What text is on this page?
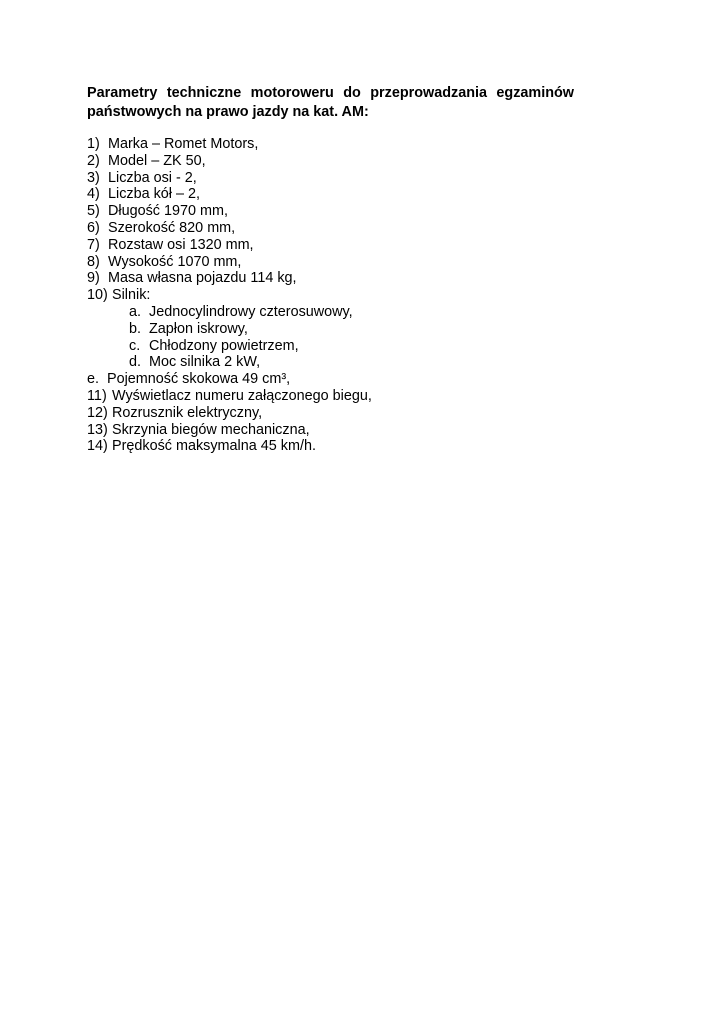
Parametry techniczne motoroweru do przeprowadzania egzaminów państwowych na prawo jazdy na kat. AM:

1) Marka – Romet Motors,
2) Model – ZK 50,
3) Liczba osi - 2,
4) Liczba kół – 2,
5) Długość 1970 mm,
6) Szerokość 820 mm,
7) Rozstaw osi 1320 mm,
8) Wysokość 1070 mm,
9) Masa własna pojazdu 114 kg,
10) Silnik:
a. Jednocylindrowy czterosuwowy,
b. Zapłon iskrowy,
c. Chłodzony powietrzem,
d. Moc silnika 2 kW,
e. Pojemność skokowa 49 cm³,
11) Wyświetlacz numeru załączonego biegu,
12) Rozrusznik elektryczny,
13) Skrzynia biegów mechaniczna,
14) Prędkość maksymalna 45 km/h.
